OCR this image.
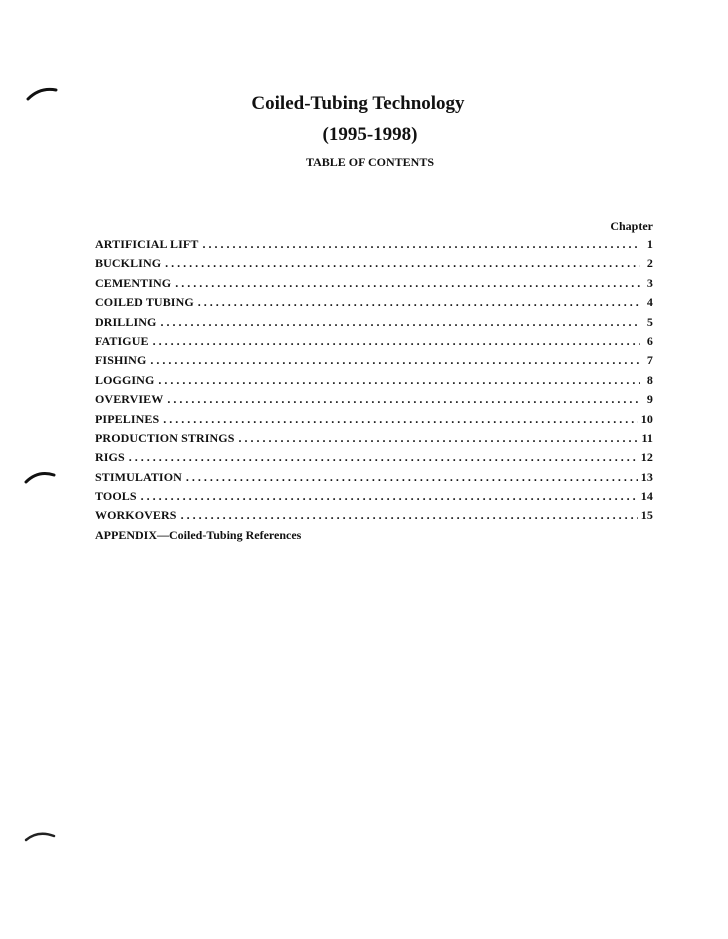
Coiled-Tubing Technology
(1995-1998)
TABLE OF CONTENTS
Chapter
ARTIFICIAL LIFT . . .	1
BUCKLING . . .	2
CEMENTING . . .	3
COILED TUBING . . .	4
DRILLING . . .	5
FATIGUE . . .	6
FISHING . . .	7
LOGGING . . .	8
OVERVIEW . . .	9
PIPELINES . . .	10
PRODUCTION STRINGS . . .	11
RIGS . . .	12
STIMULATION . . .	13
TOOLS . . .	14
WORKOVERS . . .	15
APPENDIX—Coiled-Tubing References
